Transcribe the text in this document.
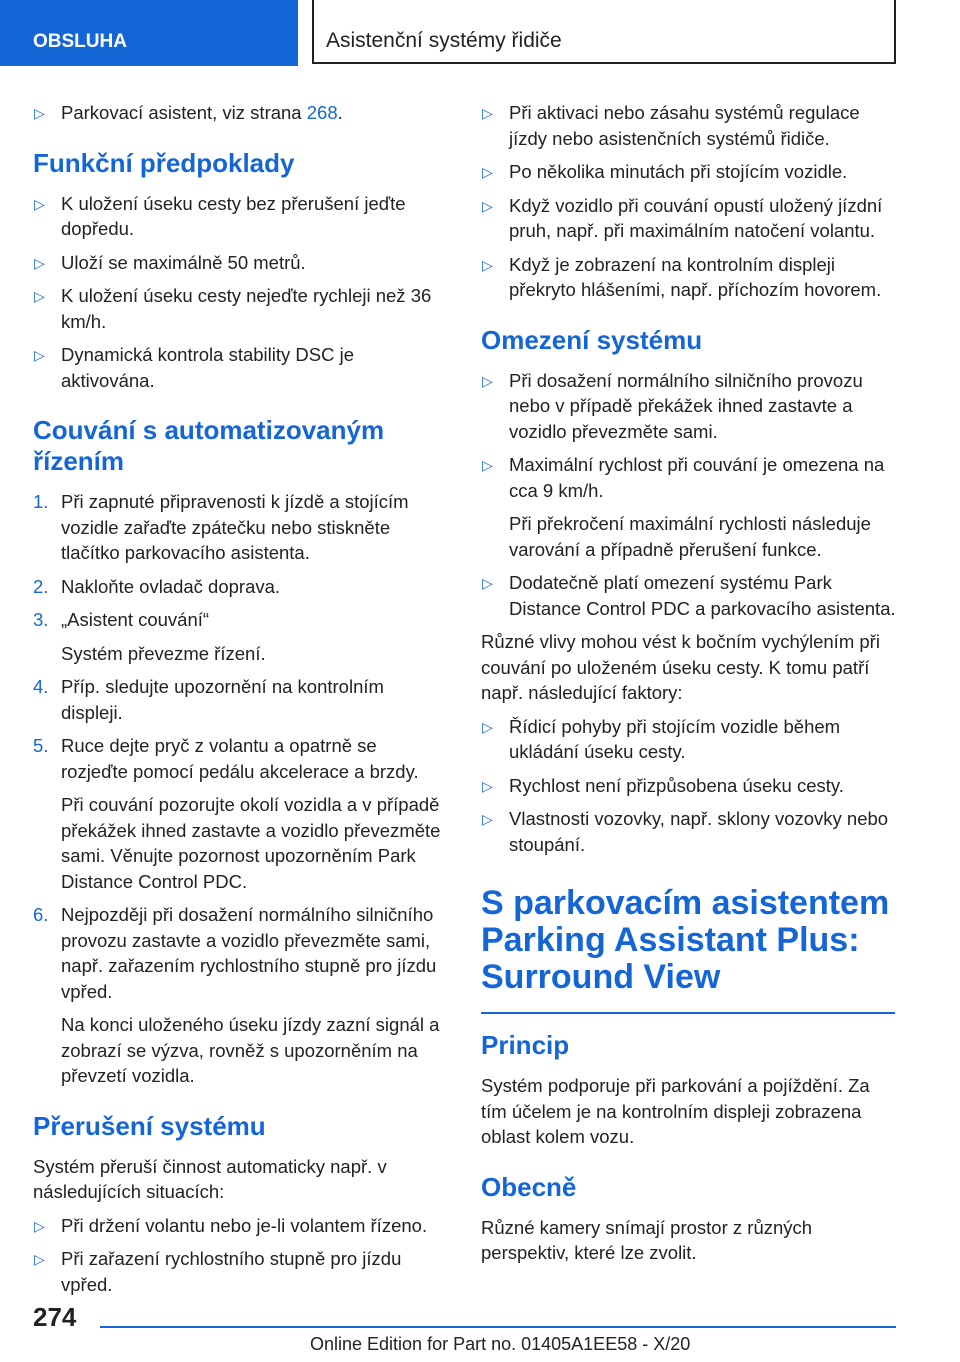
OBSLUHA	Asistenční systémy řidiče
▷ Parkovací asistent, viz strana 268.
Funkční předpoklady
▷ K uložení úseku cesty bez přerušení jeďte dopředu.
▷ Uloží se maximálně 50 metrů.
▷ K uložení úseku cesty nejeďte rychleji než 36 km/h.
▷ Dynamická kontrola stability DSC je aktivována.
Couvání s automatizovaným řízením
1. Při zapnuté připravenosti k jízdě a stojícím vozidle zařaďte zpátečku nebo stiskněte tlačítko parkovacího asistenta.
2. Nakloňte ovladač doprava.
3. „Asistent couvání“
Systém převezme řízení.
4. Příp. sledujte upozornění na kontrolním displeji.
5. Ruce dejte pryč z volantu a opatrně se rozjeďte pomocí pedálu akcelerace a brzdy.
Při couvání pozorujte okolí vozidla a v případě překážek ihned zastavte a vozidlo převezměte sami. Věnujte pozornost upozorněním Park Distance Control PDC.
6. Nejpozději při dosažení normálního silničního provozu zastavte a vozidlo převezměte sami, např. zařazením rychlostního stupně pro jízdu vpřed.
Na konci uloženého úseku jízdy zazní signál a zobrazí se výzva, rovněž s upozorněním na převzetí vozidla.
Přerušení systému
Systém přeruší činnost automaticky např. v následujících situacích:
▷ Při držení volantu nebo je-li volantem řízeno.
▷ Při zařazení rychlostního stupně pro jízdu vpřed.
▷ Při aktivaci nebo zásahu systémů regulace jízdy nebo asistenčních systémů řidiče.
▷ Po několika minutách při stojícím vozidle.
▷ Když vozidlo při couvání opustí uložený jízdní pruh, např. při maximálním natočení volantu.
▷ Když je zobrazení na kontrolním displeji překryto hlášeními, např. příchozím hovorem.
Omezení systému
▷ Při dosažení normálního silničního provozu nebo v případě překážek ihned zastavte a vozidlo převezměte sami.
▷ Maximální rychlost při couvání je omezena na cca 9 km/h.
Při překročení maximální rychlosti následuje varování a případně přerušení funkce.
▷ Dodatečně platí omezení systému Park Distance Control PDC a parkovacího asistenta.
Různé vlivy mohou vést k bočním vychýlením při couvání po uloženém úseku cesty. K tomu patří např. následující faktory:
▷ Řídicí pohyby při stojícím vozidle během ukládání úseku cesty.
▷ Rychlost není přizpůsobena úseku cesty.
▷ Vlastnosti vozovky, např. sklony vozovky nebo stoupání.
S parkovacím asistentem Parking Assistant Plus: Surround View
Princip
Systém podporuje při parkování a pojíždění. Za tím účelem je na kontrolním displeji zobrazena oblast kolem vozu.
Obecně
Různé kamery snímají prostor z různých perspektiv, které lze zvolit.
274
Online Edition for Part no. 01405A1EE58 - X/20
